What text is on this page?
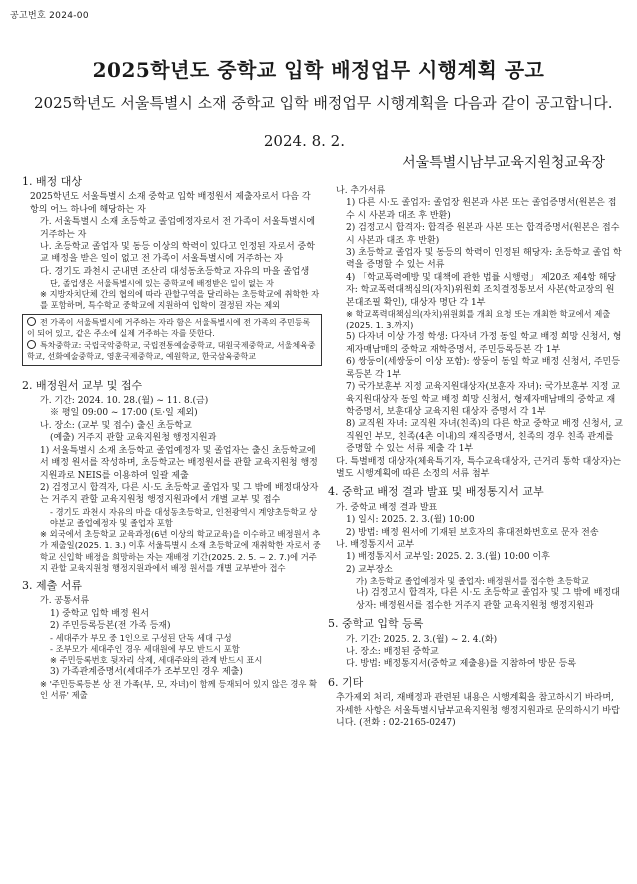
공고번호 2024-00
2025학년도 중학교 입학 배정업무 시행계획 공고
2025학년도 서울특별시 소재 중학교 입학 배정업무 시행계획을 다음과 같이 공고합니다.
2024. 8. 2.
서울특별시남부교육지원청교육장
1. 배정 대상

2025학년도 서울특별시 소재 중학교 입학 배정원서 제출자로서 다음 각 항의 어느 하나에 해당하는 자

가. 서울특별시 소재 초등학교 졸업예정자로서 전 가족이 서울특별시에 거주하는 자

나. 초등학교 졸업자 및 동등 이상의 학력이 있다고 인정된 자로서 중학교 배정을 받은 일이 없고 전 가족이 서울특별시에 거주하는 자

다. 경기도 과천시 군내면 조산리 대성동초등학교 자유의 마을 졸업생

단, 졸업생은 서울특별시에 있는 중학교에 배정받은 일이 없는 자

※ 지방자치단체 간의 협의에 따라 관할구역을 달리하는 초등학교에 취학한 자를 포함하며, 특수학교 중학교에 지원하여 입학이 결정된 자는 제외

전 가족이 서울특별시에 거주하는 자라 함은 서울특별시에 전 가족의 주민등록이 되어 있고, 같은 주소에 실제 거주하는 자를 뜻한다.
특차중학교: 국립국악중학교, 국립전통예술중학교, 대원국제중학교, 서울체육중학교, 선화예술중학교, 영훈국제중학교, 예원학교, 한국삼육중학교
2. 배정원서 교부 및 접수

가. 기간: 2024. 10. 28.(월) ~ 11. 8.(금)

※ 평일 09:00 ~ 17:00 (토·일 제외)

나. 장소: (교부 및 접수) 출신 초등학교

(예출) 거주지 관할 교육지원청 행정지원과

1) 서울특별시 소재 초등학교 졸업예정자 및 졸업자는 출신 초등학교에서 배정 원서를 작성하며, 초등학교는 배정원서를 관할 교육지원청 행정지원과로 NEIS를 이용하여 일괄 제출

2) 검정고시 합격자, 다른 시·도 초등학교 졸업자 및 그 밖에 배정대상자는 거주지 관할 교육지원청 행정지원과에서 개별 교부 및 접수

- 경기도 과천시 자유의 마을 대성동초등학교, 인천광역시 계양초등학교 상야분교 졸업예정자 및 졸업자 포함

※ 외국에서 초등학교 교육과정(6년 이상의 학교교육)을 이수하고 배정원서 추가 제출일(2025. 1. 3.) 이후 서울특별시 소재 초등학교에 재취학한 자로서 중학교 신입학 배정을 희망하는 자는 재배정 기간(2025. 2. 5. ~ 2. 7.)에 거주지 관할 교육지원청 행정지원과에서 배정 원서를 개별 교부받아 접수

3. 제출 서류

가. 공통서류

1) 중학교 입학 배정 원서

2) 주민등록등본(전 가족 등재)

- 세대주가 부모 중 1인으로 구성된 단독 세대 구성

- 조부모가 세대주인 경우 세대원에 부모 반드시 포함

※ 주민등록번호 뒷자리 삭제, 세대주와의 관계 반드시 표시

3) 가족관계증명서(세대주가 조부모인 경우 제출)

※ '주민등록등본 상 전 가족(부, 모, 자녀)이 함께 등재되어 있지 않은 경우 확인 서류' 제출

나. 추가서류

1) 다른 시·도 졸업자: 졸업장 원본과 사본 또는 졸업증명서(원본은 접수 시 사본과 대조 후 반환)

2) 검정고시 합격자: 합격증 원본과 사본 또는 합격증명서(원본은 접수 시 사본과 대조 후 반환)

3) 초등학교 졸업자 및 동등의 학력이 인정된 해당자: 초등학교 졸업 학력을 증명할 수 있는 서류

4) 「학교폭력예방 및 대책에 관한 법률 시행령」 제20조 제4항 해당자: 학교폭력대책심의(자치)위원회 조치결정통보서 사본(학교장의 원본대조필 확인), 대상자 명단 각 1부

※ 학교폭력대책심의(자치)위원회를 개최 요청 또는 개최한 학교에서 제출(2025. 1. 3.까지)

5) 다자녀 이상 가정 학생: 다자녀 가정 동일 학교 배정 희망 신청서, 형제자매남매의 중학교 재학증명서, 주민등록등본 각 1부

6) 쌍둥이(세쌍둥이 이상 포함): 쌍둥이 동일 학교 배정 신청서, 주민등록등본 각 1부

7) 국가보훈부 지정 교육지원대상자(보훈자 자녀): 국가보훈부 지정 교육지원대상자 동일 학교 배정 희망 신청서, 형제자매남매의 중학교 재학증명서, 보훈대상 교육지원 대상자 증명서 각 1부

8) 교직원 자녀: 교직원 자녀(친족)의 다른 학교 중학교 배정 신청서, 교직원인 부모, 친족(4촌 이내)의 재직증명서, 친족의 경우 친족 관계를 증명할 수 있는 서류 제출 각 1부

다. 특별배정 대상자(체육특기자, 특수교육대상자, 근거리 통학 대상자)는 별도 시행계획에 따른 소정의 서류 첨부

4. 중학교 배정 결과 발표 및 배정통지서 교부

가. 중학교 배정 결과 발표

1) 일시: 2025. 2. 3.(월) 10:00

2) 방법: 배정 원서에 기재된 보호자의 휴대전화번호로 문자 전송

나. 배정통지서 교부

1) 배정통지서 교부일: 2025. 2. 3.(월) 10:00 이후

2) 교부장소

가) 초등학교 졸업예정자 및 졸업자: 배정원서를 접수한 초등학교

나) 검정고시 합격자, 다른 시·도 초등학교 졸업자 및 그 밖에 배정대상자: 배정원서를 접수한 거주지 관할 교육지원청 행정지원과

5. 중학교 입학 등록

가. 기간: 2025. 2. 3.(월) ~ 2. 4.(화)

나. 장소: 배정된 중학교

다. 방법: 배정통지서(중학교 제출용)를 지참하여 방문 등록

6. 기타

추가제외 처리, 재배정과 관련된 내용은 시행계획을 참고하시기 바라며, 자세한 사항은 서울특별시남부교육지원청 행정지원과로 문의하시기 바랍니다. (전화 : 02-2165-0247)
